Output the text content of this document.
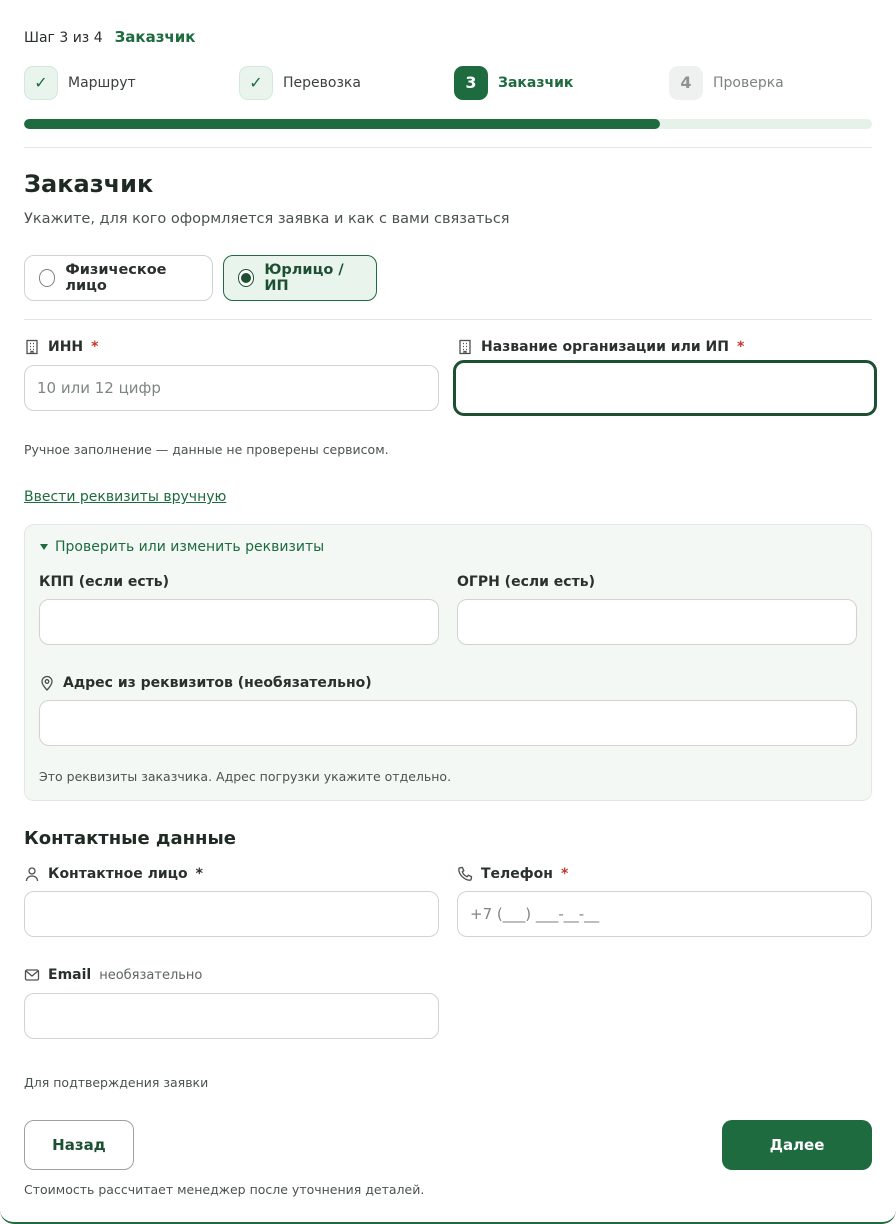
Шаг 3 из 4 Заказчик
✓	Маршрут	✓	Перевозка	3	Заказчик	4	Проверка
Заказчик
Укажите, для кого оформляется заявка и как с вами связаться
Физическое лицо
Юрлицо / ИП
ИНН *
10 или 12 цифр	Название организации или ИП *
Ручное заполнение — данные не проверены сервисом.
Ввести реквизиты вручную
Проверить или изменить реквизиты
КПП (если есть)	ОГРН (если есть)
Адрес из реквизитов (необязательно)
Это реквизиты заказчика. Адрес погрузки укажите отдельно.
Контактные данные
Контактное лицо *	Телефон *
+7 (___) ___-__-__
Email необязательно
Для подтверждения заявки
Назад	Далее
Стоимость рассчитает менеджер после уточнения деталей.
